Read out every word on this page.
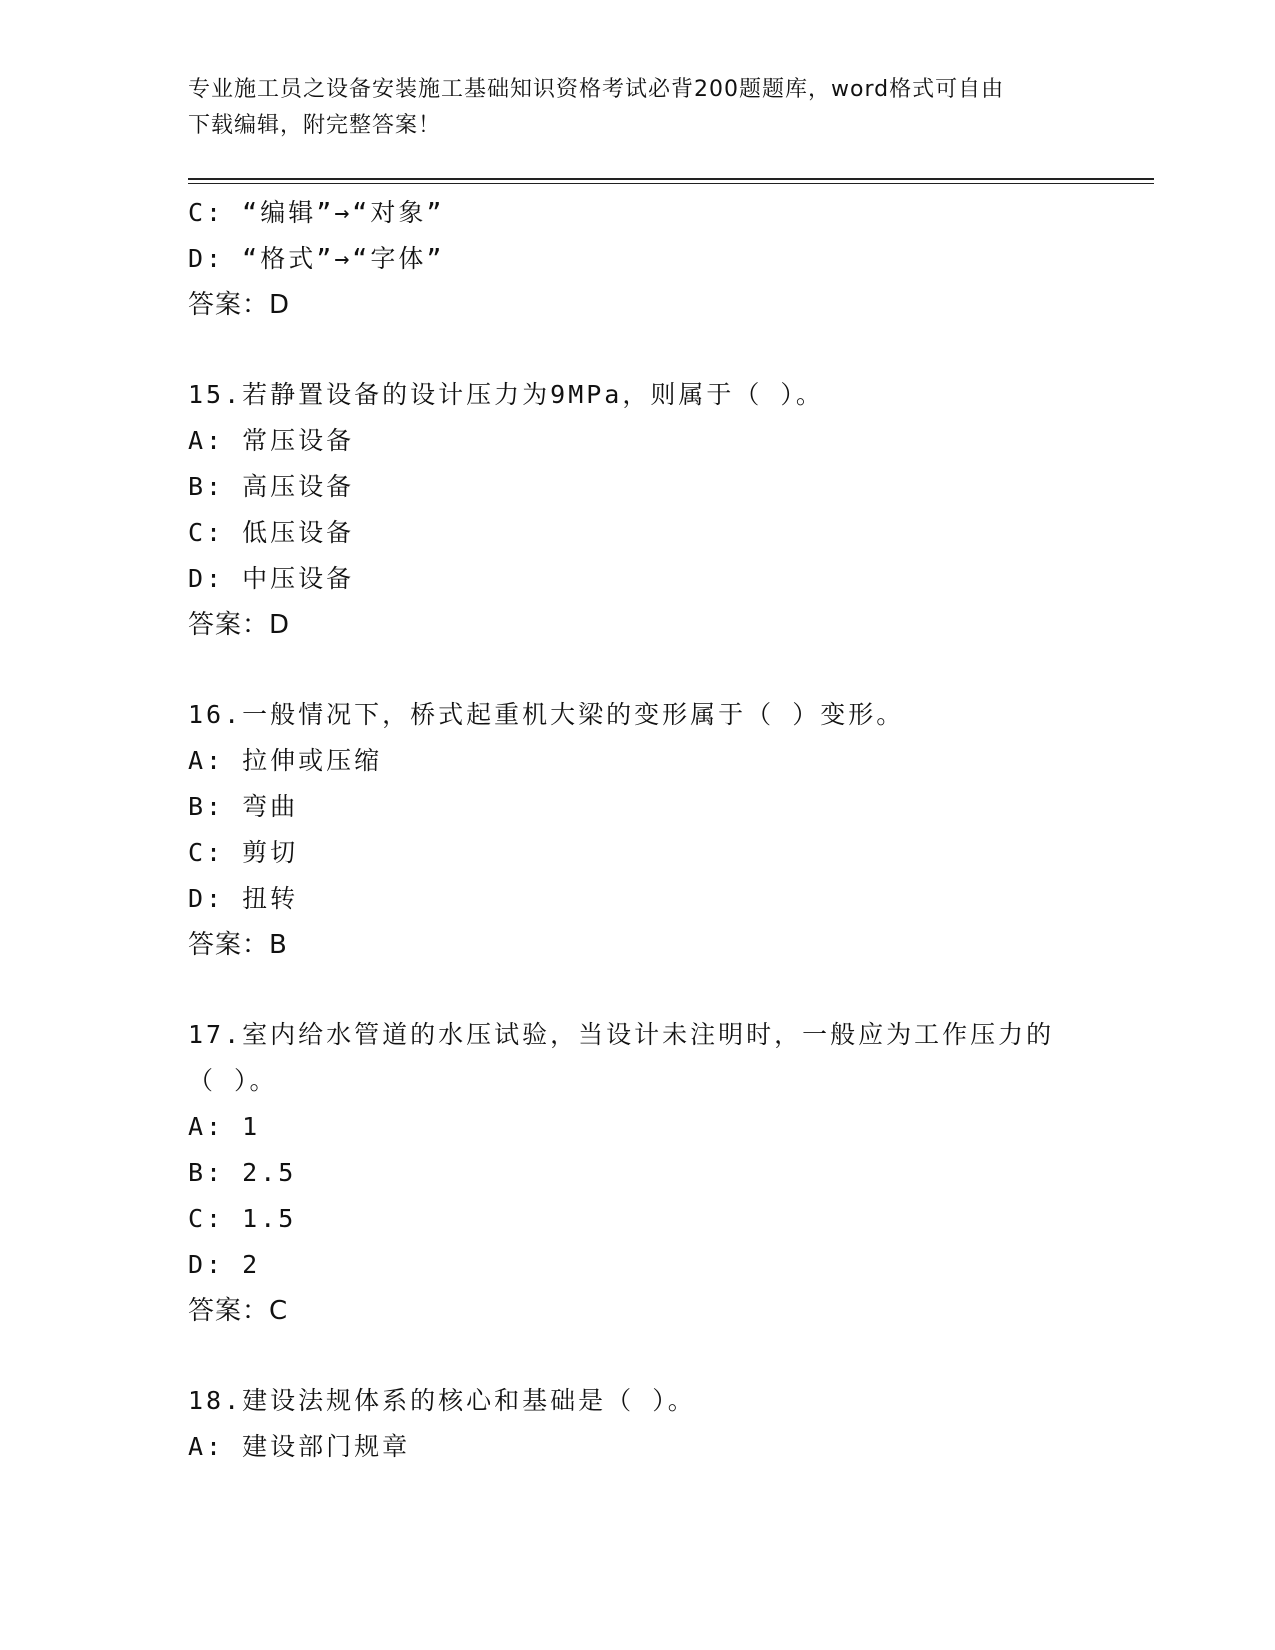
专业施工员之设备安装施工基础知识资格考试必背200题题库，word格式可自由
下载编辑，附完整答案！
C: “编辑”→“对象”
D: “格式”→“字体”
答案：D
15.若静置设备的设计压力为9MPa，则属于（ ）。
A: 常压设备
B: 高压设备
C: 低压设备
D: 中压设备
答案：D
16.一般情况下，桥式起重机大梁的变形属于（ ）变形。
A: 拉伸或压缩
B: 弯曲
C: 剪切
D: 扭转
答案：B
17.室内给水管道的水压试验，当设计未注明时，一般应为工作压力的
（ ）。
A: 1
B: 2.5
C: 1.5
D: 2
答案：C
18.建设法规体系的核心和基础是（ ）。
A: 建设部门规章
